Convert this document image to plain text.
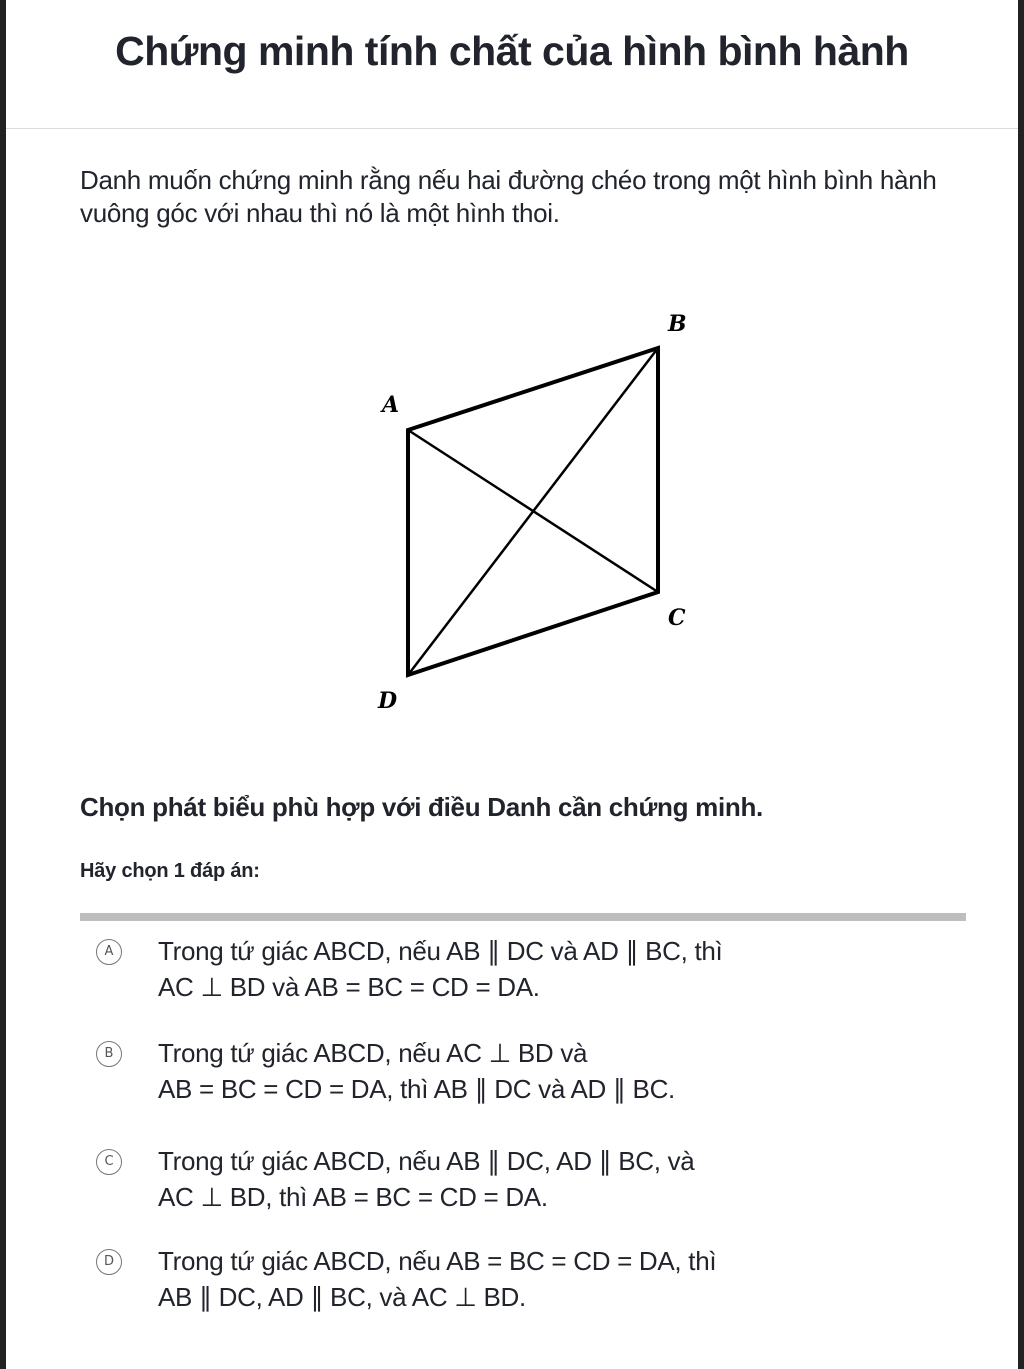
Chứng minh tính chất của hình bình hành
Danh muốn chứng minh rằng nếu hai đường chéo trong một hình bình hành vuông góc với nhau thì nó là một hình thoi.
A
B
C
D
Chọn phát biểu phù hợp với điều Danh cần chứng minh.
Hãy chọn 1 đáp án:
A	Trong tứ giác ABCD, nếu AB ∥ DC và AD ∥ BC, thì
AC ⊥ BD và AB = BC = CD = DA.
B	Trong tứ giác ABCD, nếu AC ⊥ BD và
AB = BC = CD = DA, thì AB ∥ DC và AD ∥ BC.
C	Trong tứ giác ABCD, nếu AB ∥ DC, AD ∥ BC, và
AC ⊥ BD, thì AB = BC = CD = DA.
D	Trong tứ giác ABCD, nếu AB = BC = CD = DA, thì
AB ∥ DC, AD ∥ BC, và AC ⊥ BD.
